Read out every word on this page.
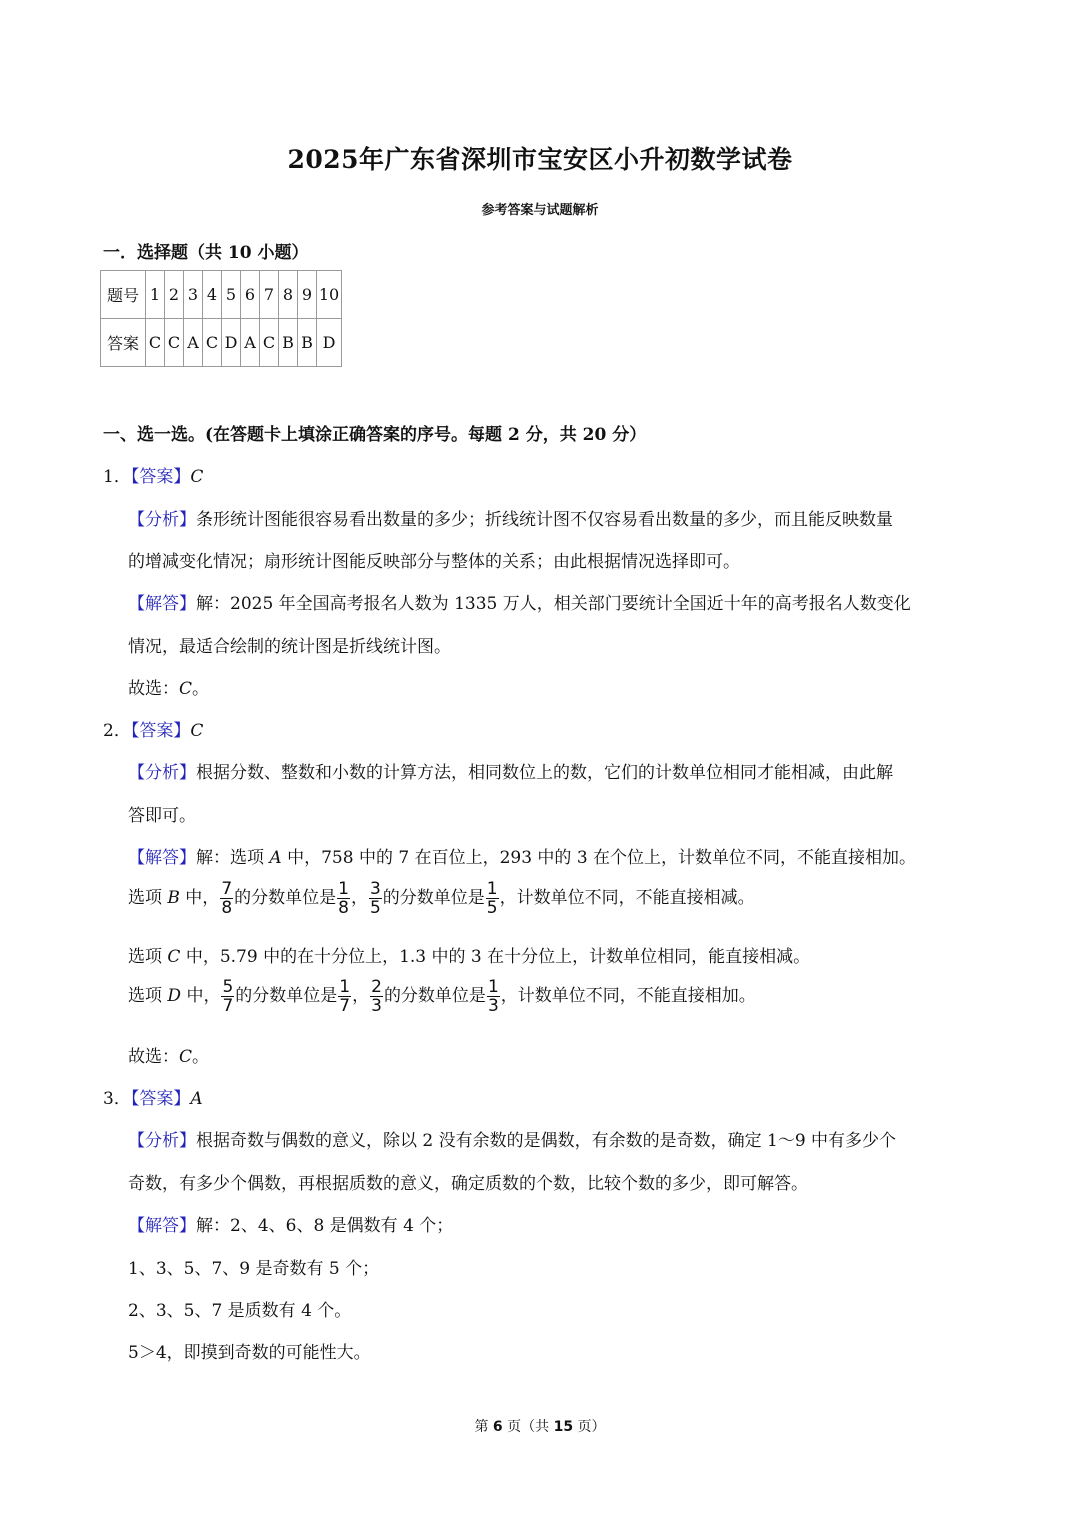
2025年广东省深圳市宝安区小升初数学试卷
参考答案与试题解析
一．选择题（共 10 小题）
题号	1	2	3	4	5	6	7	8	9	10
答案	C	C	A	C	D	A	C	B	B	D
一、选一选。(在答题卡上填涂正确答案的序号。每题 2 分，共 20 分）
1．【答案】C
【分析】条形统计图能很容易看出数量的多少；折线统计图不仅容易看出数量的多少，而且能反映数量
的增减变化情况；扇形统计图能反映部分与整体的关系；由此根据情况选择即可。
【解答】解：2025 年全国高考报名人数为 1335 万人，相关部门要统计全国近十年的高考报名人数变化
情况，最适合绘制的统计图是折线统计图。
故选：C。
2．【答案】C
【分析】根据分数、整数和小数的计算方法，相同数位上的数，它们的计数单位相同才能相减，由此解
答即可。
【解答】解：选项 A 中，758 中的 7 在百位上，293 中的 3 在个位上，计数单位不同，不能直接相加。
选项 B 中， $\frac{7}{8}$ 的分数单位是 $\frac{1}{8}$ ， $\frac{3}{5}$ 的分数单位是 $\frac{1}{5}$ ，计数单位不同，不能直接相减。
选项 C 中，5.79 中的在十分位上，1.3 中的 3 在十分位上，计数单位相同，能直接相减。
选项 D 中， $\frac{5}{7}$ 的分数单位是 $\frac{1}{7}$ ， $\frac{2}{3}$ 的分数单位是 $\frac{1}{3}$ ，计数单位不同，不能直接相加。
故选：C。
3．【答案】A
【分析】根据奇数与偶数的意义，除以 2 没有余数的是偶数，有余数的是奇数，确定 1～9 中有多少个
奇数，有多少个偶数，再根据质数的意义，确定质数的个数，比较个数的多少，即可解答。
【解答】解：2、4、6、8 是偶数有 4 个；
1、3、5、7、9 是奇数有 5 个；
2、3、5、7 是质数有 4 个。
5＞4，即摸到奇数的可能性大。
第 6 页（共 15 页）
